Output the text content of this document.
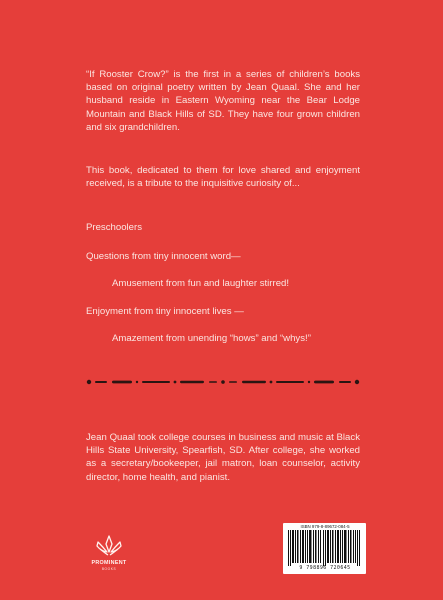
“If Rooster Crow?” is the first in a series of children’s books based on original poetry written by Jean Quaal. She and her husband reside in Eastern Wyoming near the Bear Lodge Mountain and Black Hills of SD. They have four grown children and six grandchildren.

This book, dedicated to them for love shared and enjoyment received, is a tribute to the inquisitive curiosity of...

Preschoolers

Questions from tiny innocent word—

Amusement from fun and laughter stirred!

Enjoyment from tiny innocent lives —

Amazement from unending “hows” and “whys!”

Jean Quaal took college courses in business and music at Black Hills State University, Spearfish, SD. After college, she worked as a secretary/bookeeper, jail matron, loan counselor, activity director, home health, and pianist.

PROMINENT
BOOKS
ISBN 979-8-89672-084-5
9 798896 720645
